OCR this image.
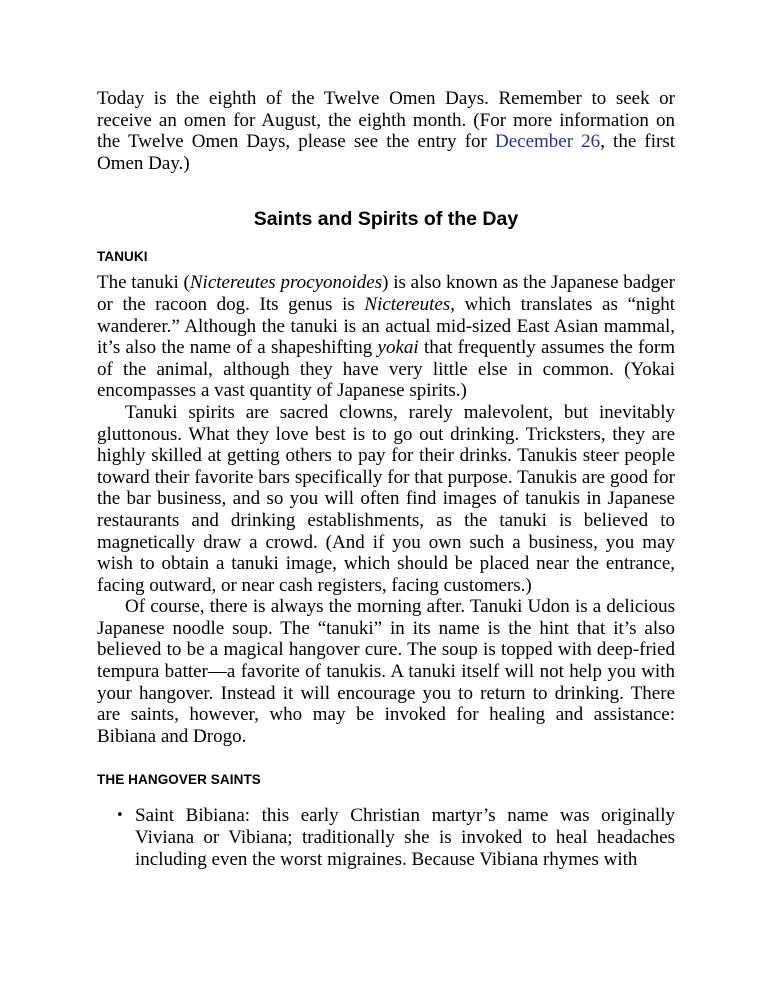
Today is the eighth of the Twelve Omen Days. Remember to seek or receive an omen for August, the eighth month. (For more information on the Twelve Omen Days, please see the entry for December 26, the first Omen Day.)

Saints and Spirits of the Day
TANUKI

The tanuki (Nictereutes procyonoides) is also known as the Japanese badger or the racoon dog. Its genus is Nictereutes, which translates as “night wanderer.” Although the tanuki is an actual mid-sized East Asian mammal, it’s also the name of a shapeshifting yokai that frequently assumes the form of the animal, although they have very little else in common. (Yokai encompasses a vast quantity of Japanese spirits.)

Tanuki spirits are sacred clowns, rarely malevolent, but inevitably gluttonous. What they love best is to go out drinking. Tricksters, they are highly skilled at getting others to pay for their drinks. Tanukis steer people toward their favorite bars specifically for that purpose. Tanukis are good for the bar business, and so you will often find images of tanukis in Japanese restaurants and drinking establishments, as the tanuki is believed to magnetically draw a crowd. (And if you own such a business, you may wish to obtain a tanuki image, which should be placed near the entrance, facing outward, or near cash registers, facing customers.)

Of course, there is always the morning after. Tanuki Udon is a delicious Japanese noodle soup. The “tanuki” in its name is the hint that it’s also believed to be a magical hangover cure. The soup is topped with deep-fried tempura batter—a favorite of tanukis. A tanuki itself will not help you with your hangover. Instead it will encourage you to return to drinking. There are saints, however, who may be invoked for healing and assistance: Bibiana and Drogo.

THE HANGOVER SAINTS
• Saint Bibiana: this early Christian martyr’s name was originally Viviana or Vibiana; traditionally she is invoked to heal headaches including even the worst migraines. Because Vibiana rhymes with
